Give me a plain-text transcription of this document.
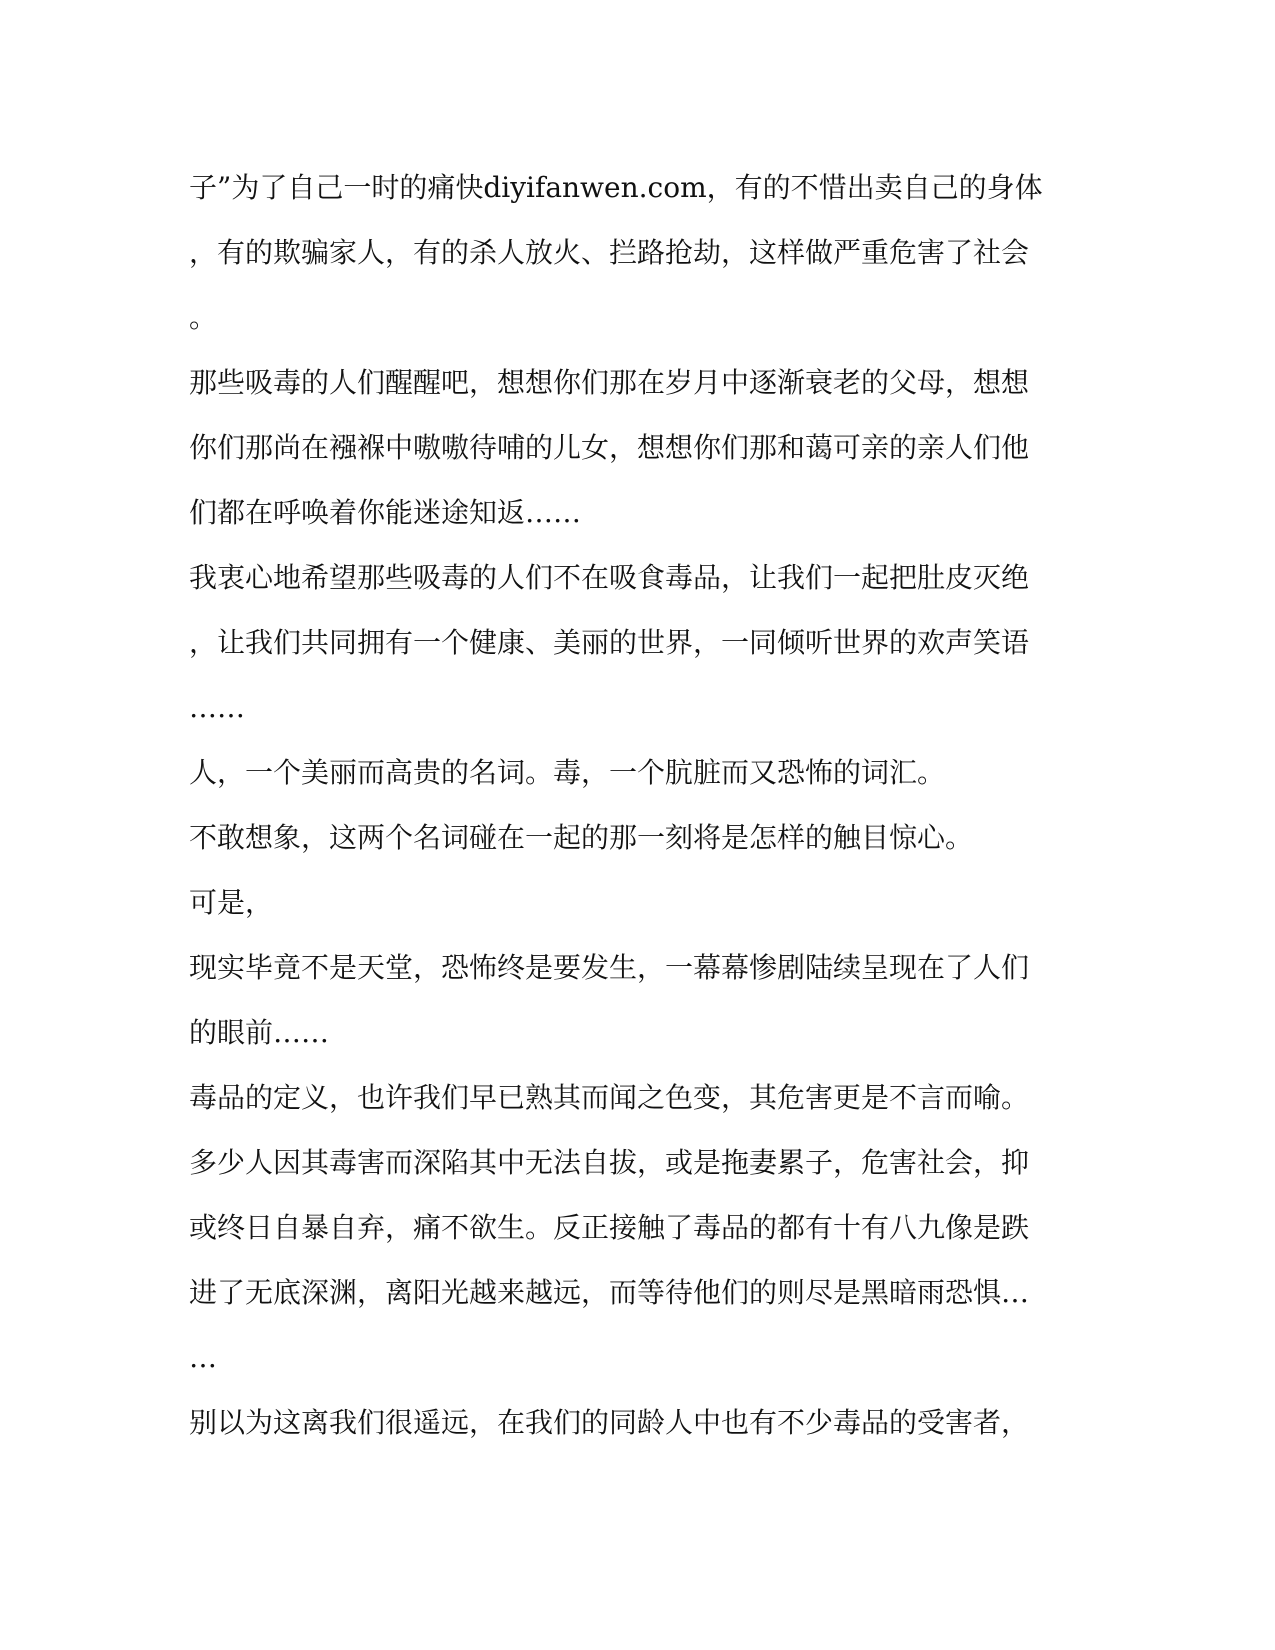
子”为了自己一时的痛快diyifanwen.com，有的不惜出卖自己的身体
，有的欺骗家人，有的杀人放火、拦路抢劫，这样做严重危害了社会
。
那些吸毒的人们醒醒吧，想想你们那在岁月中逐渐衰老的父母，想想
你们那尚在襁褓中嗷嗷待哺的儿女，想想你们那和蔼可亲的亲人们他
们都在呼唤着你能迷途知返……
我衷心地希望那些吸毒的人们不在吸食毒品，让我们一起把肚皮灭绝
，让我们共同拥有一个健康、美丽的世界，一同倾听世界的欢声笑语
……
人，一个美丽而高贵的名词。毒，一个肮脏而又恐怖的词汇。
不敢想象，这两个名词碰在一起的那一刻将是怎样的触目惊心。
可是，
现实毕竟不是天堂，恐怖终是要发生，一幕幕惨剧陆续呈现在了人们
的眼前……
毒品的定义，也许我们早已熟其而闻之色变，其危害更是不言而喻。
多少人因其毒害而深陷其中无法自拔，或是拖妻累子，危害社会，抑
或终日自暴自弃，痛不欲生。反正接触了毒品的都有十有八九像是跌
进了无底深渊，离阳光越来越远，而等待他们的则尽是黑暗雨恐惧…
…
别以为这离我们很遥远，在我们的同龄人中也有不少毒品的受害者，
